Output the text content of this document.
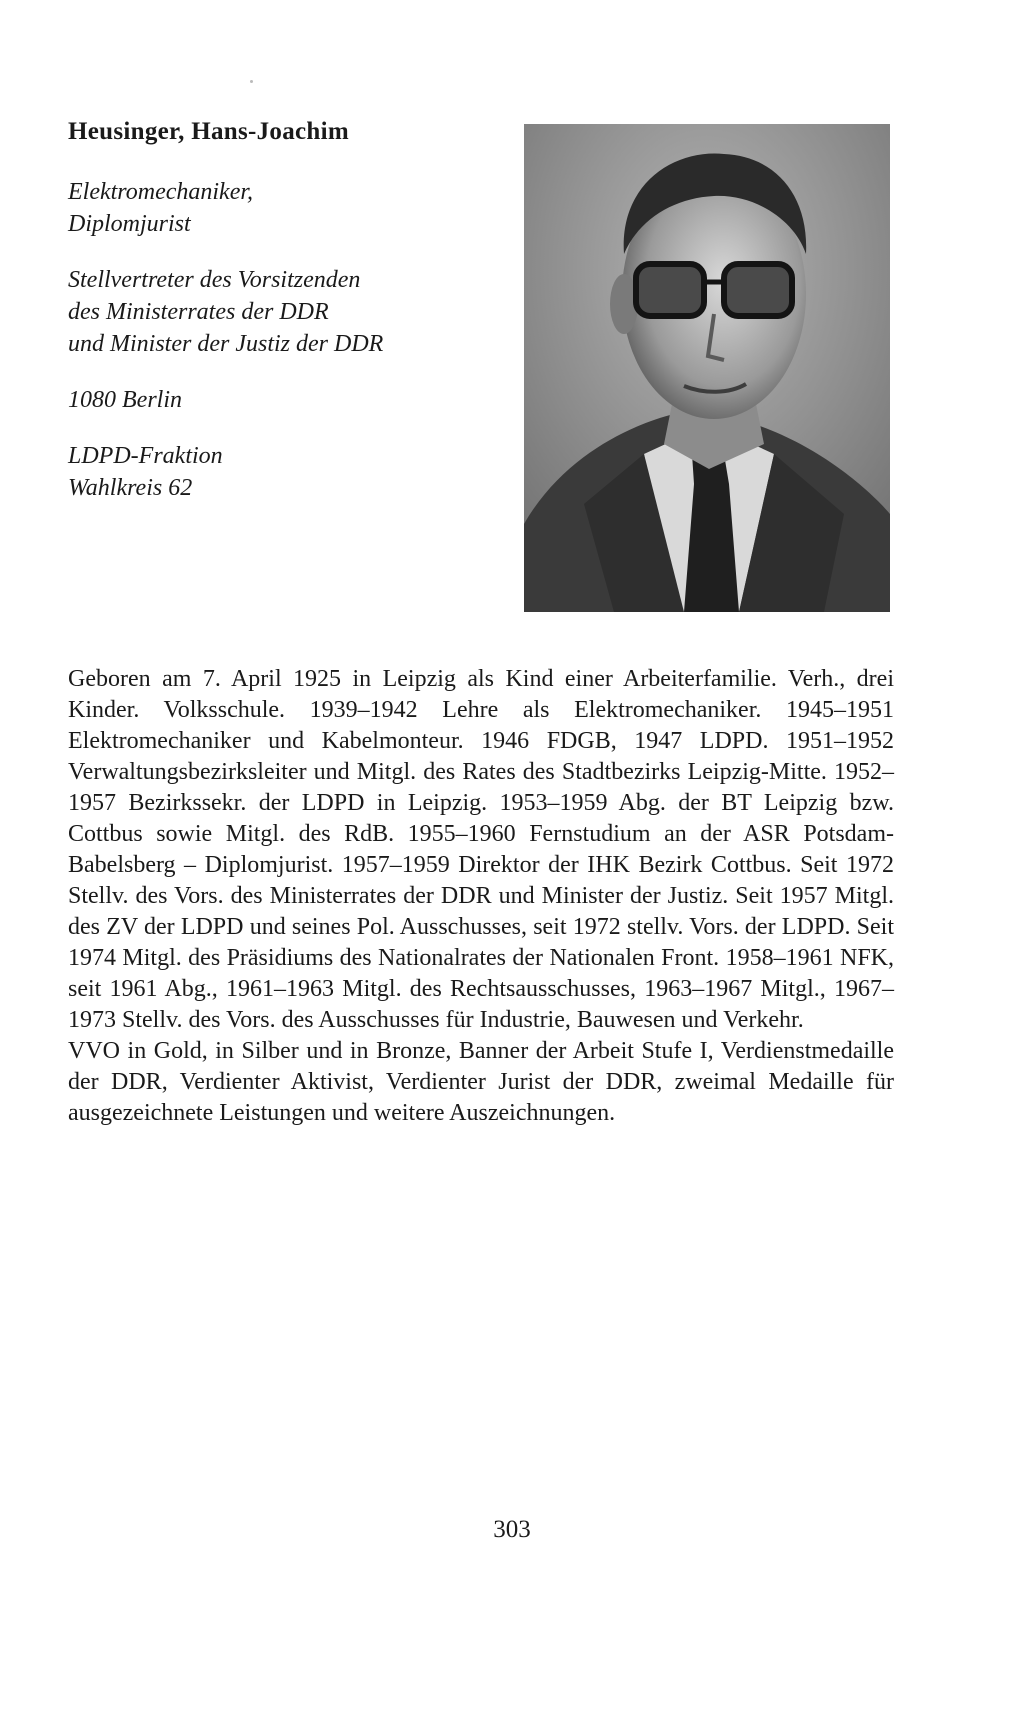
Heusinger, Hans-Joachim
Elektromechaniker,
Diplomjurist
Stellvertreter des Vorsitzenden
des Ministerrates der DDR
und Minister der Justiz der DDR
1080 Berlin
LDPD-Fraktion
Wahlkreis 62

Geboren am 7. April 1925 in Leipzig als Kind einer Arbeiterfamilie. Verh., drei Kinder. Volksschule. 1939–1942 Lehre als Elektromechaniker. 1945–1951 Elektromechaniker und Kabelmonteur. 1946 FDGB, 1947 LDPD. 1951–1952 Verwaltungsbezirksleiter und Mitgl. des Rates des Stadtbezirks Leipzig-Mitte. 1952–1957 Bezirkssekr. der LDPD in Leipzig. 1953–1959 Abg. der BT Leipzig bzw. Cottbus sowie Mitgl. des RdB. 1955–1960 Fernstudium an der ASR Potsdam-Babelsberg – Diplomjurist. 1957–1959 Direktor der IHK Bezirk Cottbus. Seit 1972 Stellv. des Vors. des Ministerrates der DDR und Minister der Justiz. Seit 1957 Mitgl. des ZV der LDPD und seines Pol. Ausschusses, seit 1972 stellv. Vors. der LDPD. Seit 1974 Mitgl. des Präsidiums des Nationalrates der Nationalen Front. 1958–1961 NFK, seit 1961 Abg., 1961–1963 Mitgl. des Rechtsausschusses, 1963–1967 Mitgl., 1967–1973 Stellv. des Vors. des Ausschusses für Industrie, Bauwesen und Verkehr.

VVO in Gold, in Silber und in Bronze, Banner der Arbeit Stufe I, Verdienstmedaille der DDR, Verdienter Aktivist, Verdienter Jurist der DDR, zweimal Medaille für ausgezeichnete Leistungen und weitere Auszeichnungen.

303
